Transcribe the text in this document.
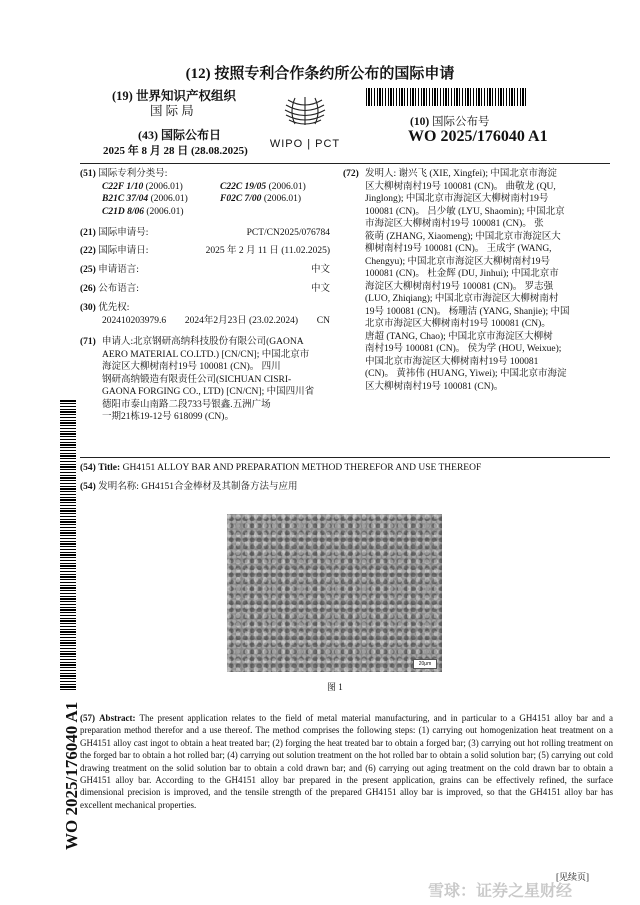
(12) 按照专利合作条约所公布的国际申请
(19) 世界知识产权组织
国 际 局
(43) 国际公布日
2025 年 8 月 28 日 (28.08.2025)
WIPO | PCT
(10) 国际公布号
WO 2025/176040 A1
(51) 国际专利分类号:
C22F 1/10 (2006.01)	C22C 19/05 (2006.01)
B21C 37/04 (2006.01)	F02C 7/00 (2006.01)
C21D 8/06 (2006.01)
(21) 国际申请号:	PCT/CN2025/076784
(22) 国际申请日:	2025 年 2 月 11 日 (11.02.2025)
(25) 申请语言:	中文
(26) 公布语言:	中文
(30) 优先权:
202410203979.6 2024年2月23日 (23.02.2024) CN
(71) 申请人:北京钢研高纳科技股份有限公司(GAONA
AERO MATERIAL CO.LTD.) [CN/CN]; 中国北京市
海淀区大柳树南村19号 100081 (CN)。 四川
钢研高纳锻造有限责任公司(SICHUAN CISRI-
GAONA FORGING CO., LTD) [CN/CN]; 中国四川省
德阳市泰山南路二段733号银鑫.五洲广场
一期21栋19-12号 618099 (CN)。
(72) 发明人: 谢兴飞 (XIE, Xingfei); 中国北京市海淀
区大柳树南村19号 100081 (CN)。 曲敬龙 (QU,
Jinglong); 中国北京市海淀区大柳树南村19号
100081 (CN)。 吕少敏 (LYU, Shaomin); 中国北京
市海淀区大柳树南村19号 100081 (CN)。 张
筱萌 (ZHANG, Xiaomeng); 中国北京市海淀区大
柳树南村19号 100081 (CN)。 王成宇 (WANG,
Chengyu); 中国北京市海淀区大柳树南村19号
100081 (CN)。 杜金辉 (DU, Jinhui); 中国北京市
海淀区大柳树南村19号 100081 (CN)。 罗志强
(LUO, Zhiqiang); 中国北京市海淀区大柳树南村
19号 100081 (CN)。 杨珊洁 (YANG, Shanjie); 中国
北京市海淀区大柳树南村19号 100081 (CN)。
唐超 (TANG, Chao); 中国北京市海淀区大柳树
南村19号 100081 (CN)。 侯为学 (HOU, Weixue);
中国北京市海淀区大柳树南村19号 100081
(CN)。 黄祎伟 (HUANG, Yiwei); 中国北京市海淀
区大柳树南村19号 100081 (CN)。
(54) Title: GH4151 ALLOY BAR AND PREPARATION METHOD THEREFOR AND USE THEREOF
(54) 发明名称: GH4151合金棒材及其制备方法与应用
20μm
图 1
(57) Abstract: The present application relates to the field of metal material manufacturing, and in particular to a GH4151 alloy bar and a preparation method therefor and a use thereof. The method comprises the following steps: (1) carrying out homogenization heat treatment on a GH4151 alloy cast ingot to obtain a heat treated bar; (2) forging the heat treated bar to obtain a forged bar; (3) carrying out hot rolling treatment on the forged bar to obtain a hot rolled bar; (4) carrying out solution treatment on the hot rolled bar to obtain a solid solution bar; (5) carrying out cold drawing treatment on the solid solution bar to obtain a cold drawn bar; and (6) carrying out aging treatment on the cold drawn bar to obtain a GH4151 alloy bar. According to the GH4151 alloy bar prepared in the present application, grains can be effectively refined, the surface dimensional precision is improved, and the tensile strength of the prepared GH4151 alloy bar is improved, so that the GH4151 alloy bar has excellent mechanical properties.
WO 2025/176040 A1
[见续页]
雪球：证券之星财经
